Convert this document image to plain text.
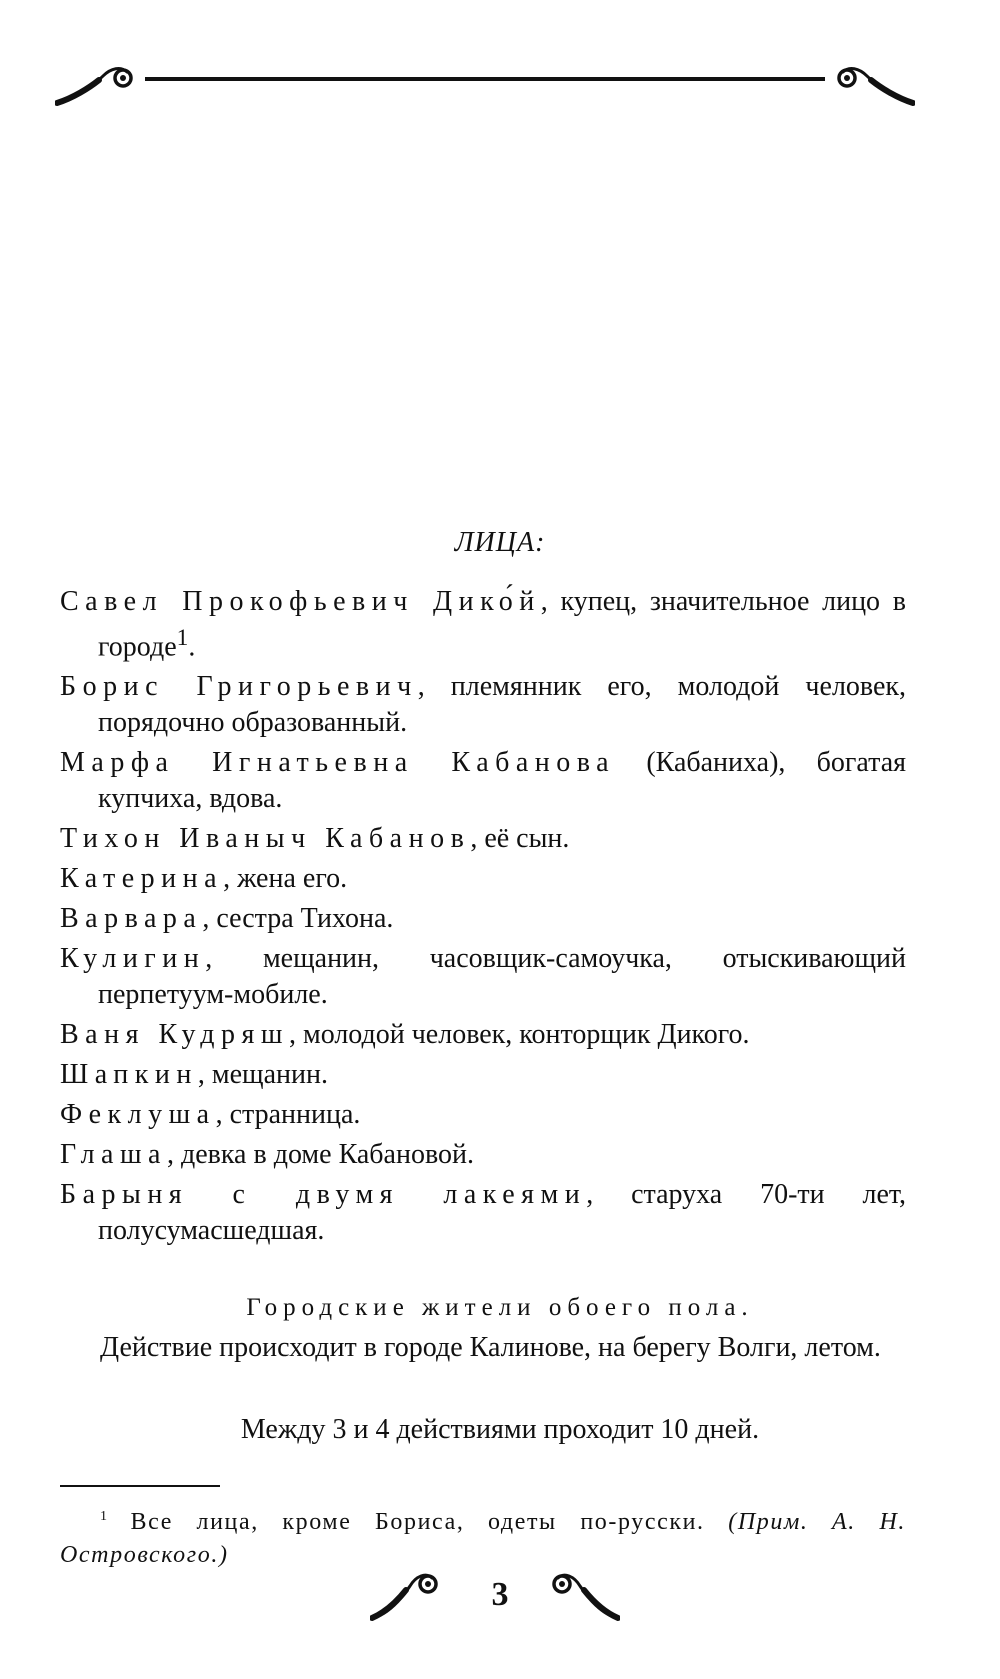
ЛИЦА:
Савел Прокофьевич Дико́й, купец, значительное лицо в городе$^1$.
Борис Григорьевич, племянник его, молодой человек, порядочно образованный.
Марфа Игнатьевна Кабанова (Кабаниха), богатая купчиха, вдова.
Тихон Иваныч Кабанов, её сын.
Катерина, жена его.
Варвара, сестра Тихона.
Кулигин, мещанин, часовщик-самоучка, отыскивающий перпетуум-мобиле.
Ваня Кудряш, молодой человек, конторщик Дикого.
Шапкин, мещанин.
Феклуша, странница.
Глаша, девка в доме Кабановой.
Барыня с двумя лакеями, старуха 70-ти лет, полусумасшедшая.
Городские жители обоего пола.
Действие происходит в городе Калинове, на берегу Волги, летом.
Между 3 и 4 действиями проходит 10 дней.
$^1$ Все лица, кроме Бориса, одеты по-русски. (Прим. А. Н. Островского.)
3
